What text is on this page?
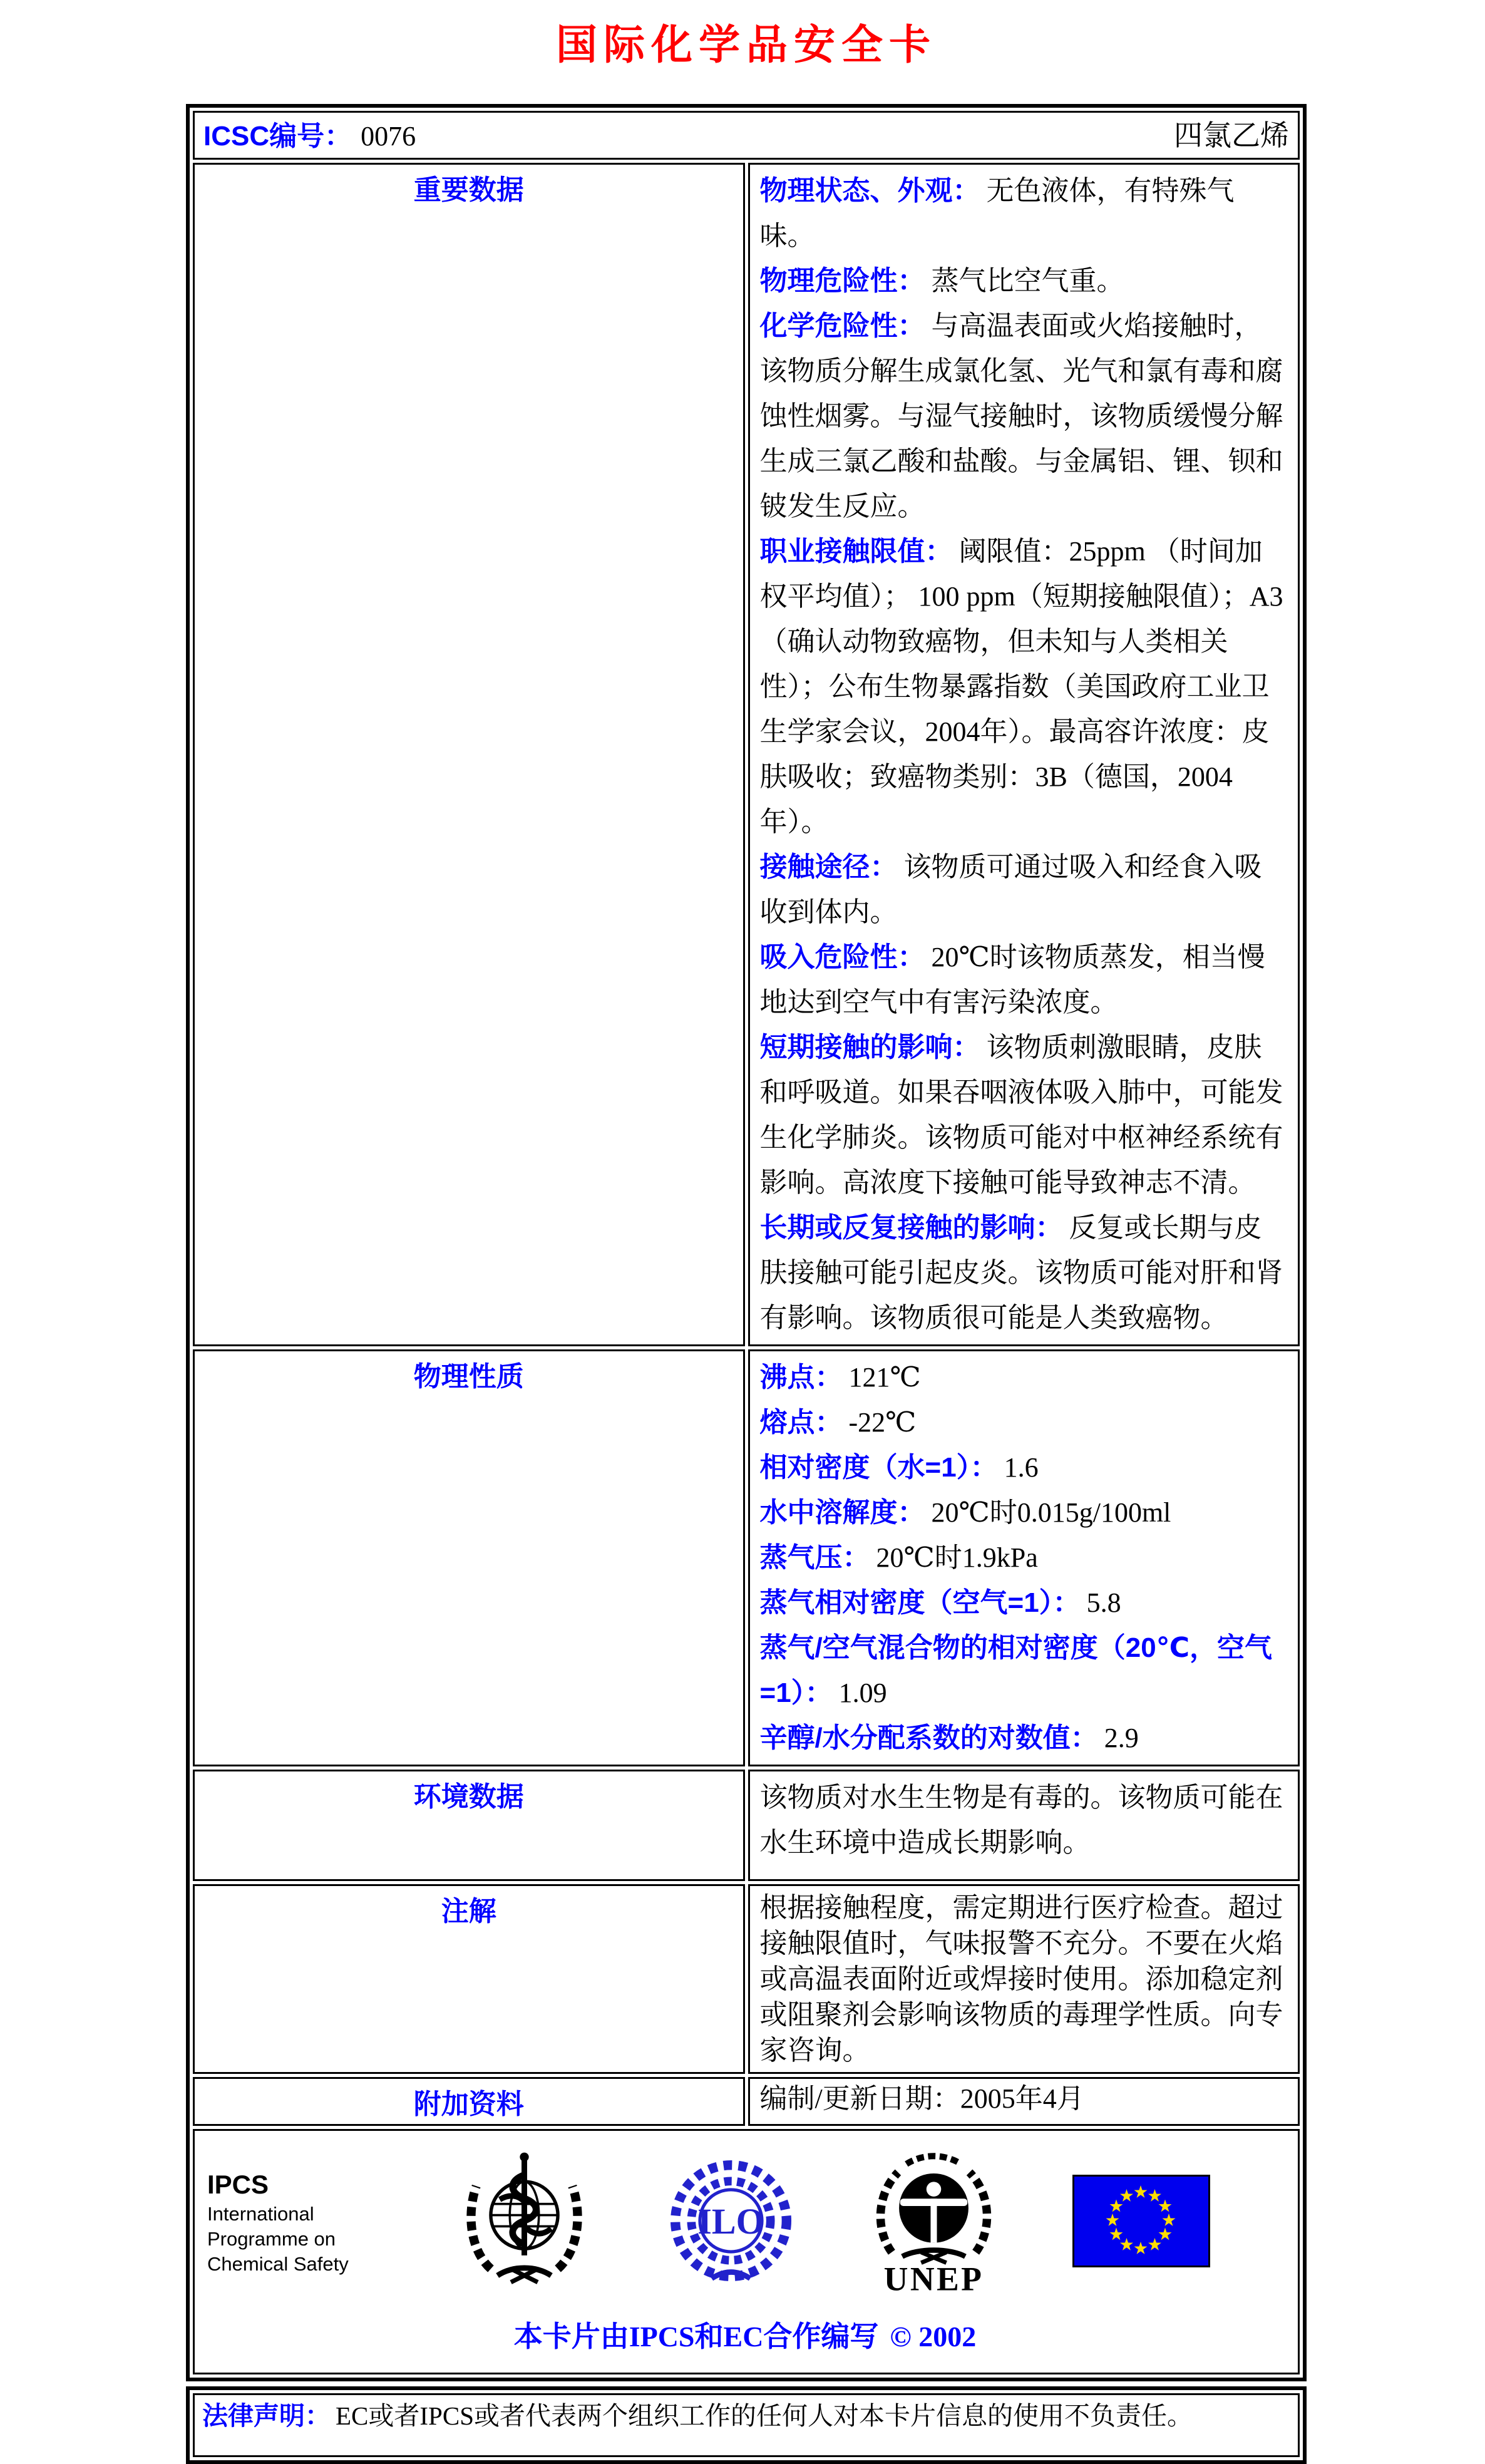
国际化学品安全卡
ICSC编号： 0076 四氯乙烯	

重要数据	物理状态、外观： 无色液体，有特殊气味。
物理危险性： 蒸气比空气重。
化学危险性： 与高温表面或火焰接触时，该物质分解生成氯化氢、光气和氯有毒和腐蚀性烟雾。与湿气接触时，该物质缓慢分解生成三氯乙酸和盐酸。与金属铝、锂、钡和铍发生反应。
职业接触限值： 阈限值：25ppm （时间加权平均值）； 100 ppm（短期接触限值）；A3（确认动物致癌物，但未知与人类相关性）；公布生物暴露指数（美国政府工业卫生学家会议，2004年）。最高容许浓度：皮肤吸收；致癌物类别：3B（德国，2004年）。
接触途径： 该物质可通过吸入和经食入吸收到体内。
吸入危险性： 20℃时该物质蒸发，相当慢地达到空气中有害污染浓度。
短期接触的影响： 该物质刺激眼睛，皮肤和呼吸道。如果吞咽液体吸入肺中，可能发生化学肺炎。该物质可能对中枢神经系统有影响。高浓度下接触可能导致神志不清。
长期或反复接触的影响： 反复或长期与皮肤接触可能引起皮炎。该物质可能对肝和肾有影响。该物质很可能是人类致癌物。

物理性质	沸点： 121℃
熔点： -22℃
相对密度（水=1）： 1.6
水中溶解度： 20℃时0.015g/100ml
蒸气压： 20℃时1.9kPa
蒸气相对密度（空气=1）： 5.8
蒸气/空气混合物的相对密度（20℃，空气=1）： 1.09
辛醇/水分配系数的对数值： 2.9

环境数据	该物质对水生生物是有毒的。该物质可能在水生环境中造成长期影响。

注解	根据接触程度，需定期进行医疗检查。超过接触限值时，气味报警不充分。不要在火焰或高温表面附近或焊接时使用。添加稳定剂或阻聚剂会影响该物质的毒理学性质。向专家咨询。

附加资料	编制/更新日期：2005年4月

IPCS
International
Programme on
Chemical Safety
ILO
UNEP
本卡片由IPCS和EC合作编写 © 2002
法律声明： EC或者IPCS或者代表两个组织工作的任何人对本卡片信息的使用不负责任。
